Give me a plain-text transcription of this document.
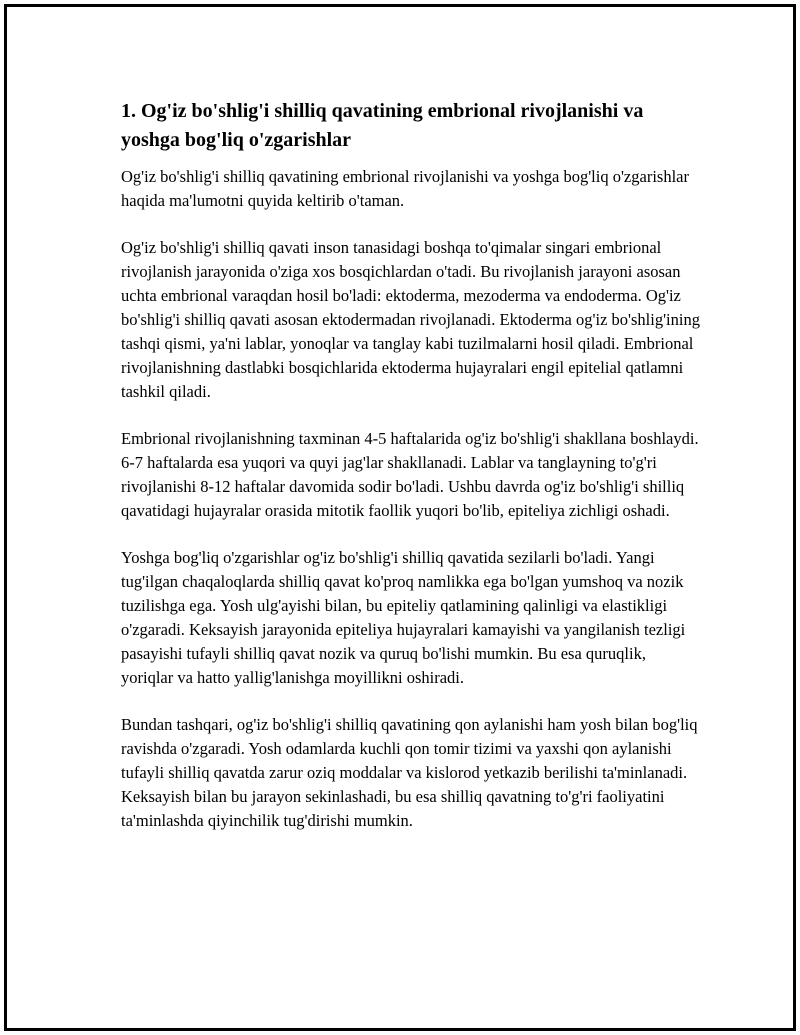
1. Og'iz bo'shlig'i shilliq qavatining embrional rivojlanishi va yoshga bog'liq o'zgarishlar

Og'iz bo'shlig'i shilliq qavatining embrional rivojlanishi va yoshga bog'liq o'zgarishlar haqida ma'lumotni quyida keltirib o'taman.

Og'iz bo'shlig'i shilliq qavati inson tanasidagi boshqa to'qimalar singari embrional rivojlanish jarayonida o'ziga xos bosqichlardan o'tadi. Bu rivojlanish jarayoni asosan uchta embrional varaqdan hosil bo'ladi: ektoderma, mezoderma va endoderma. Og'iz bo'shlig'i shilliq qavati asosan ektodermadan rivojlanadi. Ektoderma og'iz bo'shlig'ining tashqi qismi, ya'ni lablar, yonoqlar va tanglay kabi tuzilmalarni hosil qiladi. Embrional rivojlanishning dastlabki bosqichlarida ektoderma hujayralari engil epitelial qatlamni tashkil qiladi.

Embrional rivojlanishning taxminan 4-5 haftalarida og'iz bo'shlig'i shakllana boshlaydi. 6-7 haftalarda esa yuqori va quyi jag'lar shakllanadi. Lablar va tanglayning to'g'ri rivojlanishi 8-12 haftalar davomida sodir bo'ladi. Ushbu davrda og'iz bo'shlig'i shilliq qavatidagi hujayralar orasida mitotik faollik yuqori bo'lib, epiteliya zichligi oshadi.

Yoshga bog'liq o'zgarishlar og'iz bo'shlig'i shilliq qavatida sezilarli bo'ladi. Yangi tug'ilgan chaqaloqlarda shilliq qavat ko'proq namlikka ega bo'lgan yumshoq va nozik tuzilishga ega. Yosh ulg'ayishi bilan, bu epiteliy qatlamining qalinligi va elastikligi o'zgaradi. Keksayish jarayonida epiteliya hujayralari kamayishi va yangilanish tezligi pasayishi tufayli shilliq qavat nozik va quruq bo'lishi mumkin. Bu esa quruqlik, yoriqlar va hatto yallig'lanishga moyillikni oshiradi.

Bundan tashqari, og'iz bo'shlig'i shilliq qavatining qon aylanishi ham yosh bilan bog'liq ravishda o'zgaradi. Yosh odamlarda kuchli qon tomir tizimi va yaxshi qon aylanishi tufayli shilliq qavatda zarur oziq moddalar va kislorod yetkazib berilishi ta'minlanadi. Keksayish bilan bu jarayon sekinlashadi, bu esa shilliq qavatning to'g'ri faoliyatini ta'minlashda qiyinchilik tug'dirishi mumkin.
